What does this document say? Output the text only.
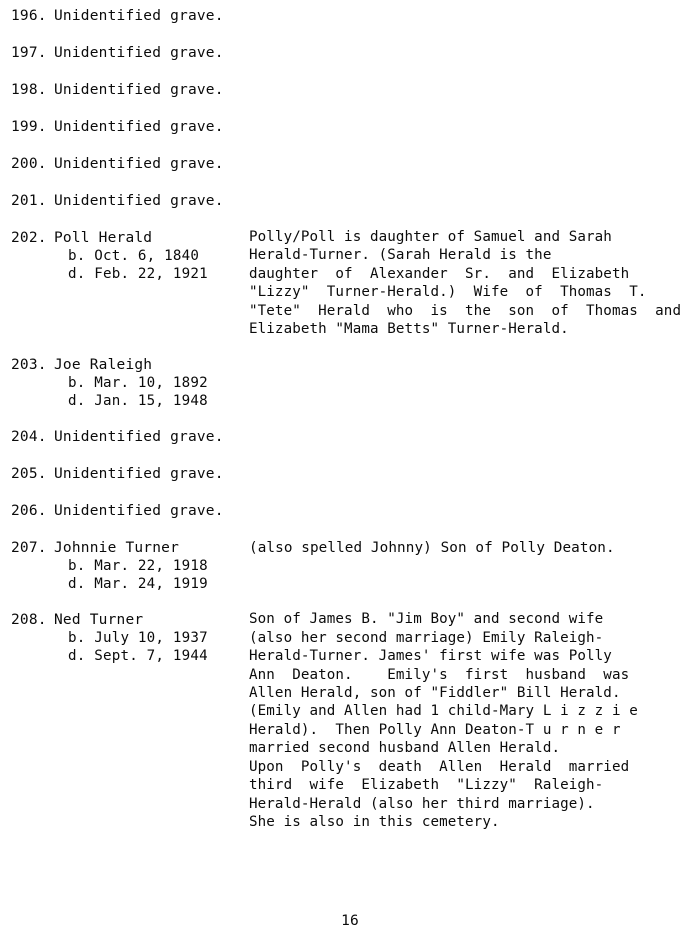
196. Unidentified grave.
197. Unidentified grave.
198. Unidentified grave.
199. Unidentified grave.
200. Unidentified grave.
201. Unidentified grave.
202. Poll Herald
b. Oct. 6, 1840
d. Feb. 22, 1921
Polly/Poll is daughter of Samuel and Sarah
Herald-Turner. (Sarah Herald is the
daughter  of  Alexander  Sr.  and  Elizabeth
"Lizzy"  Turner-Herald.)  Wife  of  Thomas  T.
"Tete"  Herald  who  is  the  son  of  Thomas  and
Elizabeth "Mama Betts" Turner-Herald.
203. Joe Raleigh
b. Mar. 10, 1892
d. Jan. 15, 1948
204. Unidentified grave.
205. Unidentified grave.
206. Unidentified grave.
207. Johnnie Turner
b. Mar. 22, 1918
d. Mar. 24, 1919
(also spelled Johnny) Son of Polly Deaton.
208. Ned Turner
b. July 10, 1937
d. Sept. 7, 1944
Son of James B. "Jim Boy" and second wife
(also her second marriage) Emily Raleigh-
Herald-Turner. James' first wife was Polly
Ann  Deaton.    Emily's  first  husband  was
Allen Herald, son of "Fiddler" Bill Herald.
(Emily and Allen had 1 child-Mary L i z z i e
Herald).  Then Polly Ann Deaton-T u r n e r
married second husband Allen Herald.
Upon  Polly's  death  Allen  Herald  married
third  wife  Elizabeth  "Lizzy"  Raleigh-
Herald-Herald (also her third marriage).
She is also in this cemetery.
16
